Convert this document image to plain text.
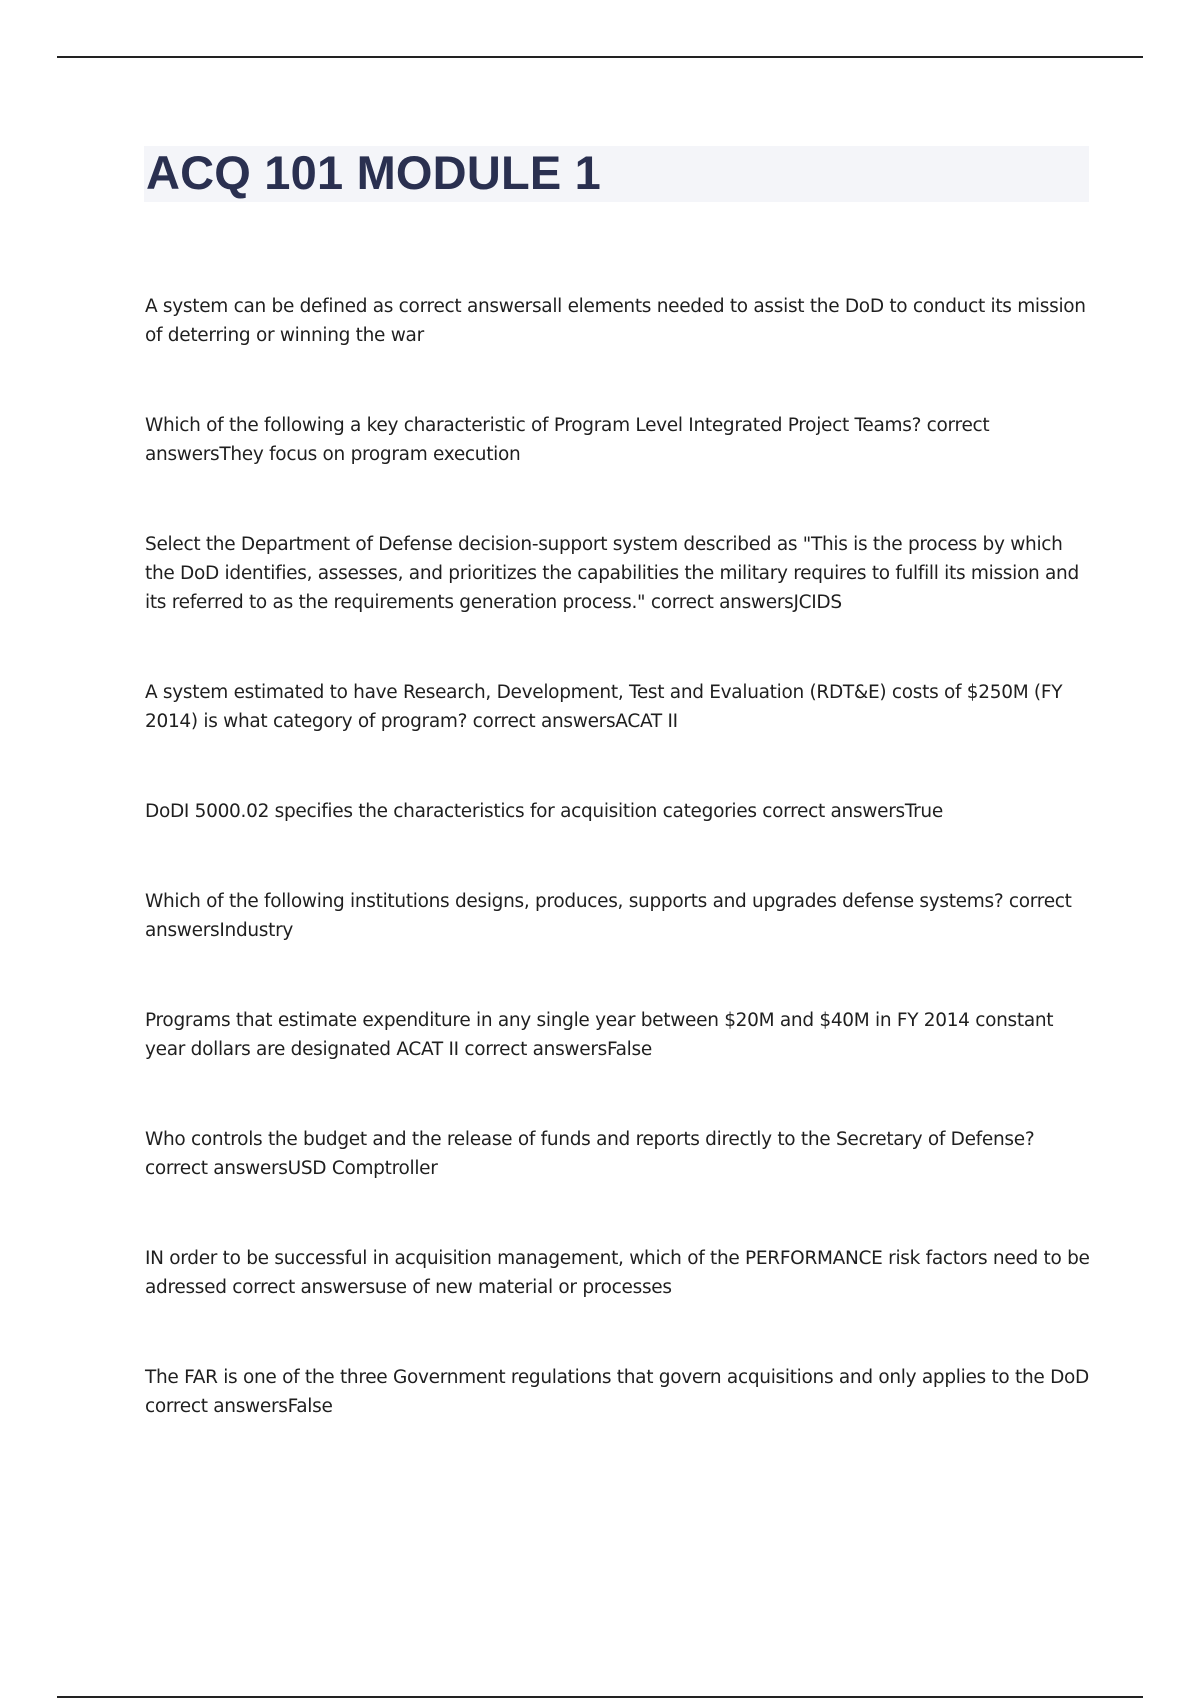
ACQ 101 MODULE 1

A system can be defined as correct answersall elements needed to assist the DoD to conduct its mission of deterring or winning the war

Which of the following a key characteristic of Program Level Integrated Project Teams? correct answersThey focus on program execution

Select the Department of Defense decision-support system described as "This is the process by which the DoD identifies, assesses, and prioritizes the capabilities the military requires to fulfill its mission and its referred to as the requirements generation process." correct answersJCIDS

A system estimated to have Research, Development, Test and Evaluation (RDT&E) costs of $250M (FY 2014) is what category of program? correct answersACAT II

DoDI 5000.02 specifies the characteristics for acquisition categories correct answersTrue

Which of the following institutions designs, produces, supports and upgrades defense systems? correct answersIndustry

Programs that estimate expenditure in any single year between $20M and $40M in FY 2014 constant year dollars are designated ACAT II correct answersFalse

Who controls the budget and the release of funds and reports directly to the Secretary of Defense? correct answersUSD Comptroller

IN order to be successful in acquisition management, which of the PERFORMANCE risk factors need to be adressed correct answersuse of new material or processes

The FAR is one of the three Government regulations that govern acquisitions and only applies to the DoD correct answersFalse
